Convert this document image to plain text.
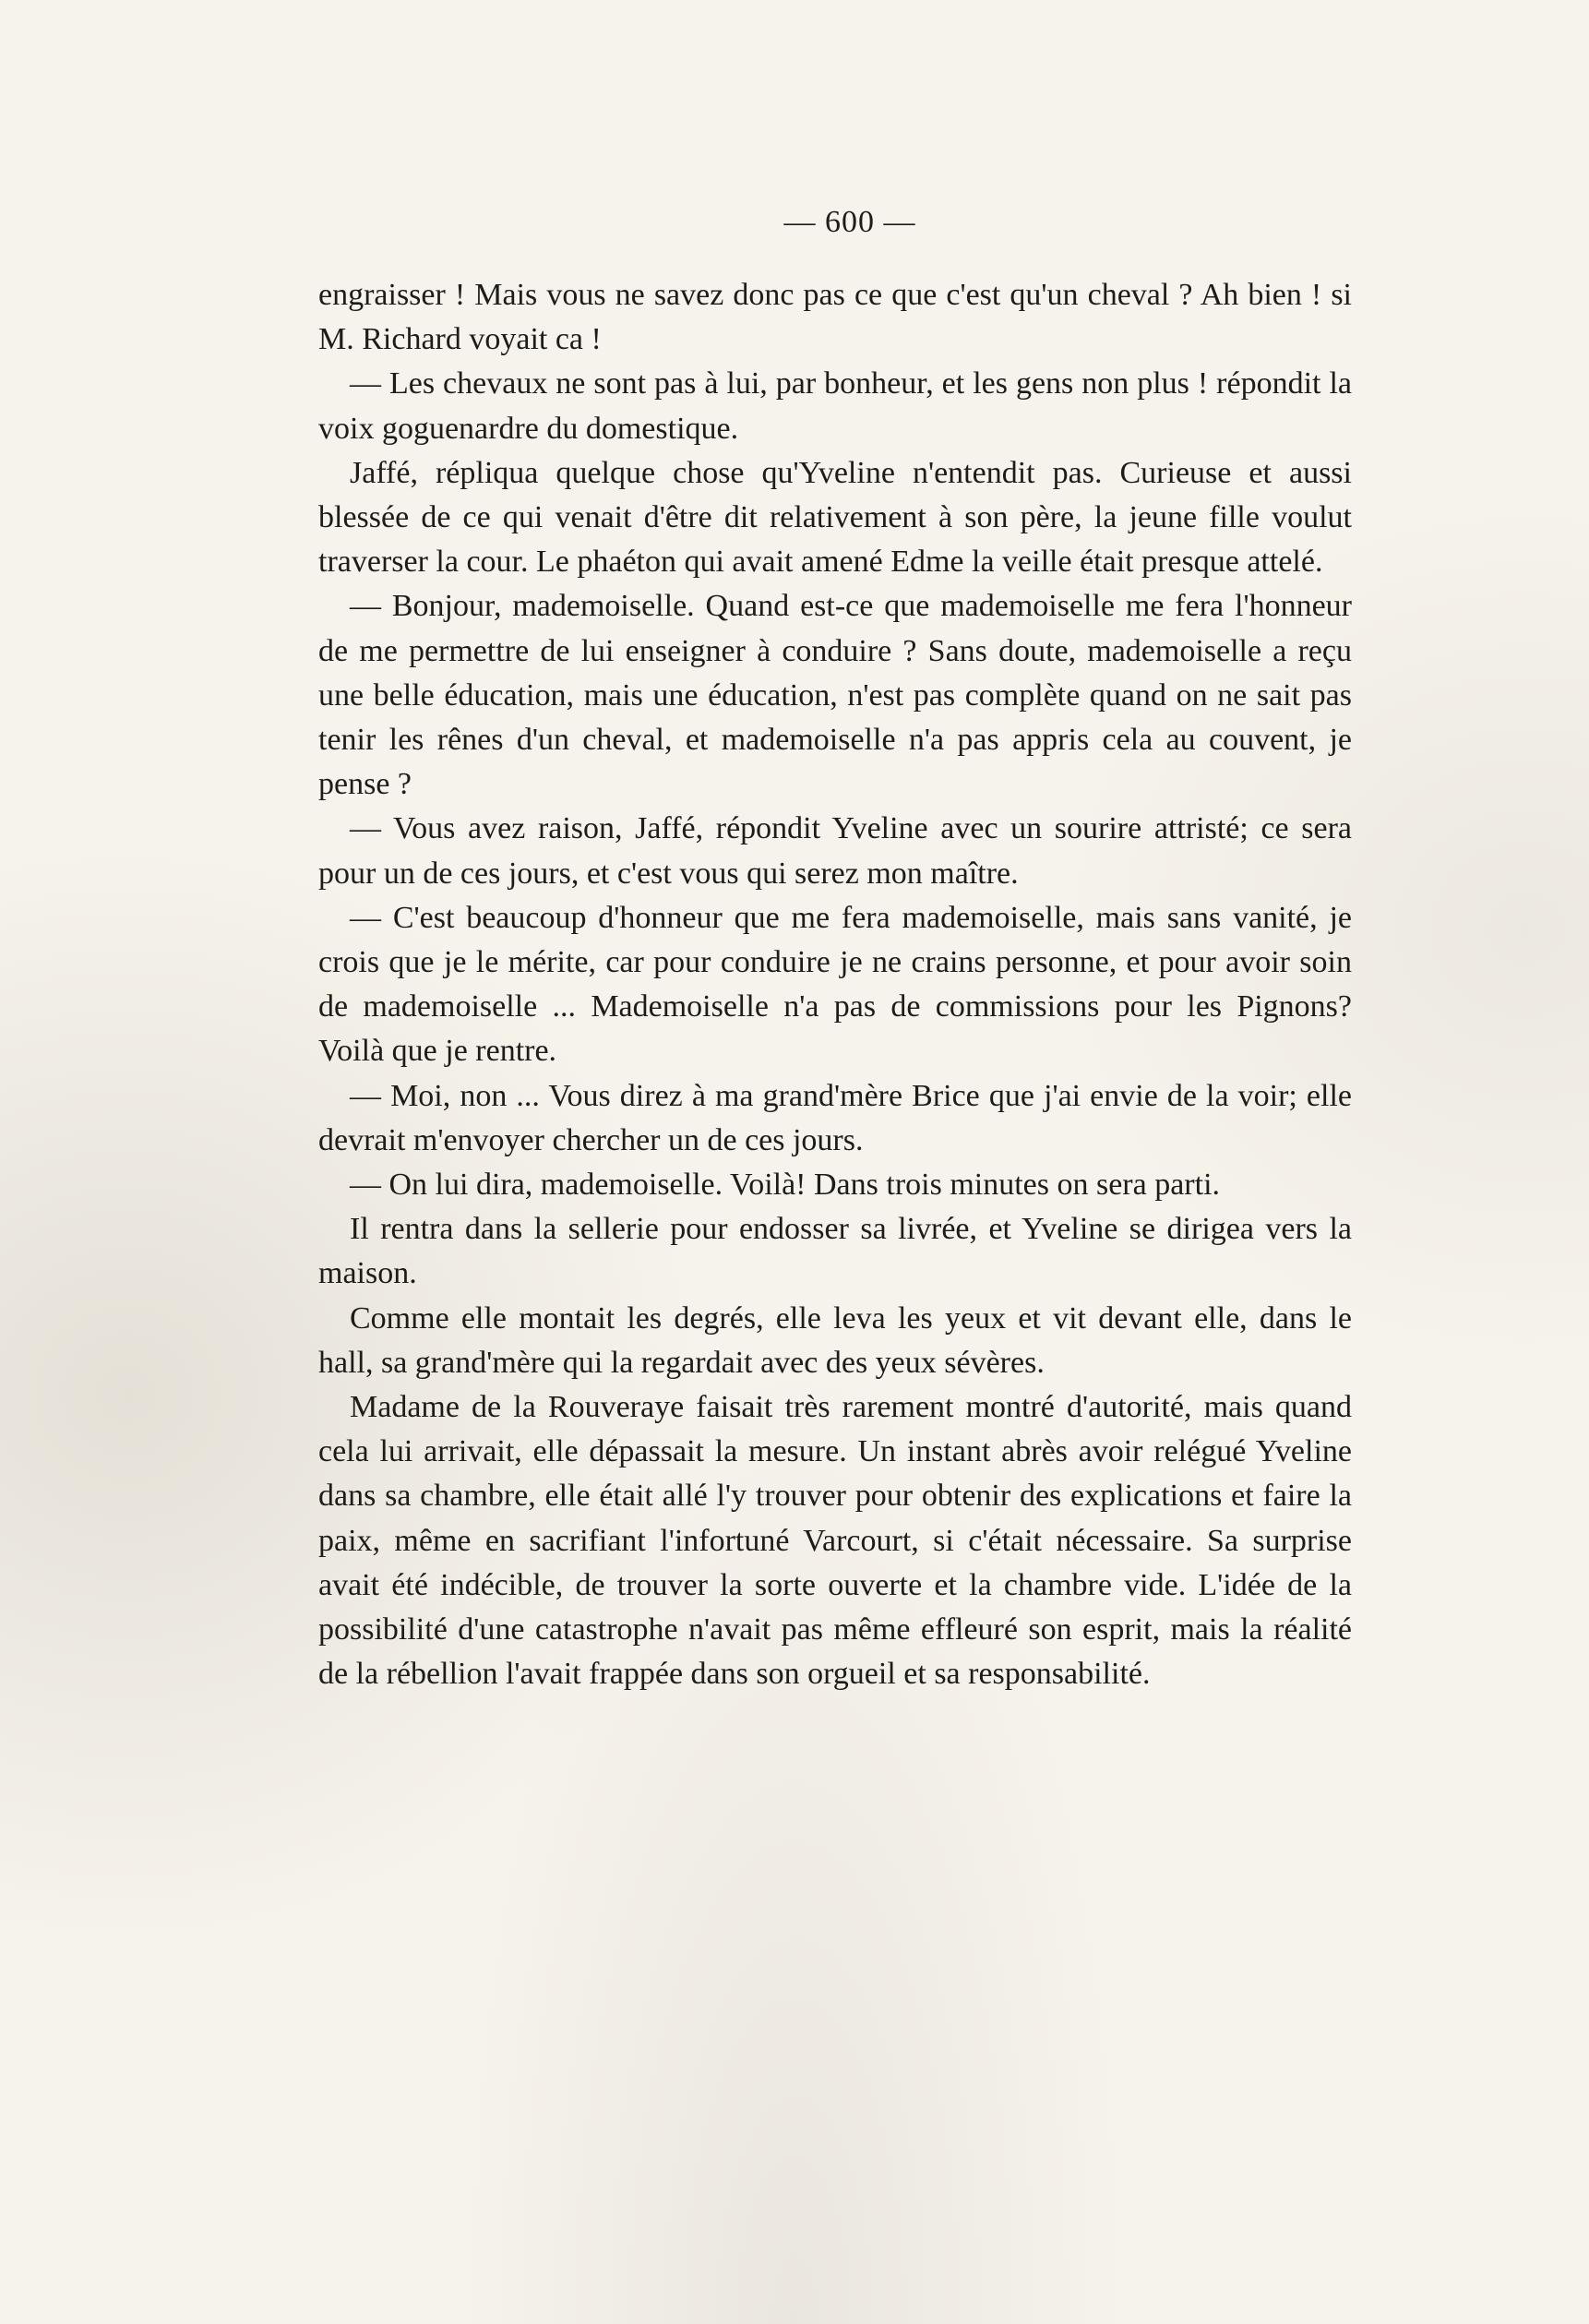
— 600 —

engraisser ! Mais vous ne savez donc pas ce que c'est qu'un cheval ? Ah bien ! si M. Richard voyait ca !

— Les chevaux ne sont pas à lui, par bonheur, et les gens non plus ! répondit la voix goguenardre du domestique.

Jaffé, répliqua quelque chose qu'Yveline n'entendit pas. Curieuse et aussi blessée de ce qui venait d'être dit relativement à son père, la jeune fille voulut traverser la cour. Le phaéton qui avait amené Edme la veille était presque attelé.

— Bonjour, mademoiselle. Quand est-ce que mademoiselle me fera l'honneur de me permettre de lui enseigner à conduire ? Sans doute, mademoiselle a reçu une belle éducation, mais une éducation, n'est pas complète quand on ne sait pas tenir les rênes d'un cheval, et mademoiselle n'a pas appris cela au couvent, je pense ?

— Vous avez raison, Jaffé, répondit Yveline avec un sourire attristé; ce sera pour un de ces jours, et c'est vous qui serez mon maître.

— C'est beaucoup d'honneur que me fera mademoiselle, mais sans vanité, je crois que je le mérite, car pour conduire je ne crains personne, et pour avoir soin de mademoiselle ... Mademoiselle n'a pas de commissions pour les Pignons? Voilà que je rentre.

— Moi, non ... Vous direz à ma grand'mère Brice que j'ai envie de la voir; elle devrait m'envoyer chercher un de ces jours.

— On lui dira, mademoiselle. Voilà! Dans trois minutes on sera parti.

Il rentra dans la sellerie pour endosser sa livrée, et Yveline se dirigea vers la maison.

Comme elle montait les degrés, elle leva les yeux et vit devant elle, dans le hall, sa grand'mère qui la regardait avec des yeux sévères.

Madame de la Rouveraye faisait très rarement montré d'autorité, mais quand cela lui arrivait, elle dépassait la mesure. Un instant abrès avoir relégué Yveline dans sa chambre, elle était allé l'y trouver pour obtenir des explications et faire la paix, même en sacrifiant l'infortuné Varcourt, si c'était nécessaire. Sa surprise avait été indécible, de trouver la sorte ouverte et la chambre vide. L'idée de la possibilité d'une catastrophe n'avait pas même effleuré son esprit, mais la réalité de la rébellion l'avait frappée dans son orgueil et sa responsabilité.
